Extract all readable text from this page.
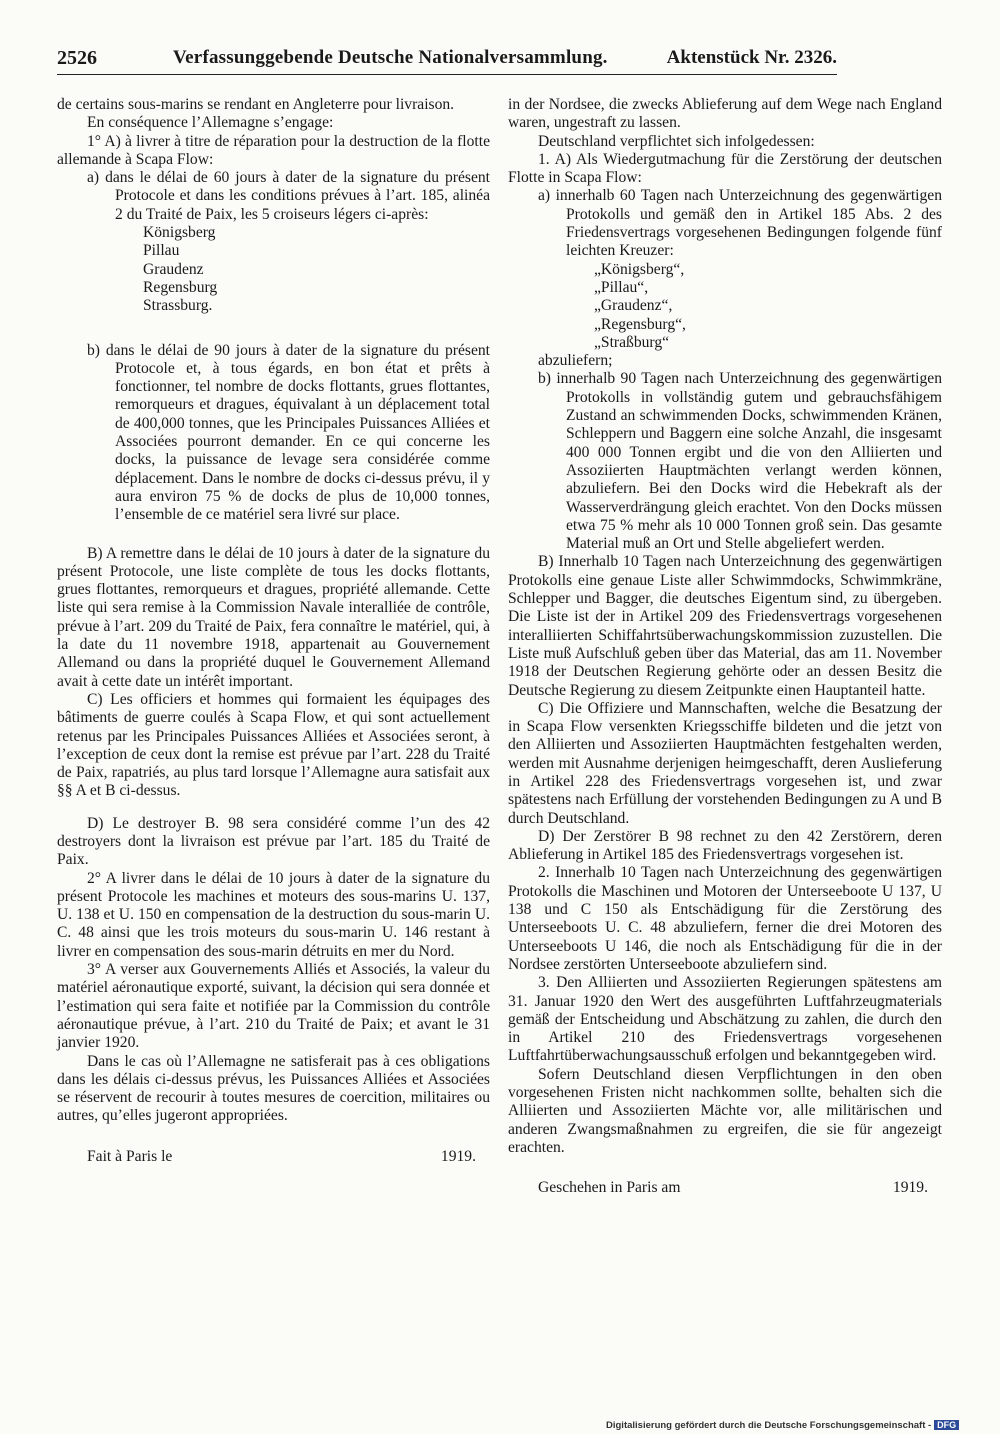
2526	Verfassunggebende Deutsche Nationalversammlung.	Aktenstück Nr. 2326.

de certains sous-marins se rendant en Angleterre pour livraison.

En conséquence l’Allemagne s’engage:

1° A) à livrer à titre de réparation pour la destruction de la flotte allemande à Scapa Flow:

a) dans le délai de 60 jours à dater de la signature du présent Protocole et dans les conditions prévues à l’art. 185, alinéa 2 du Traité de Paix, les 5 croiseurs légers ci-après:

Königsberg
Pillau
Graudenz
Regensburg
Strassburg.

b) dans le délai de 90 jours à dater de la signature du présent Protocole et, à tous égards, en bon état et prêts à fonctionner, tel nombre de docks flottants, grues flottantes, remorqueurs et dragues, équivalant à un déplacement total de 400,000 tonnes, que les Principales Puissances Alliées et Associées pourront demander. En ce qui concerne les docks, la puissance de levage sera considérée comme déplacement. Dans le nombre de docks ci-dessus prévu, il y aura environ 75 % de docks de plus de 10,000 tonnes, l’ensemble de ce matériel sera livré sur place.

B) A remettre dans le délai de 10 jours à dater de la signature du présent Protocole, une liste complète de tous les docks flottants, grues flottantes, remorqueurs et dragues, propriété allemande. Cette liste qui sera remise à la Commission Navale interalliée de contrôle, prévue à l’art. 209 du Traité de Paix, fera connaître le matériel, qui, à la date du 11 novembre 1918, appartenait au Gouvernement Allemand ou dans la propriété duquel le Gouvernement Allemand avait à cette date un intérêt important.

C) Les officiers et hommes qui formaient les équipages des bâtiments de guerre coulés à Scapa Flow, et qui sont actuellement retenus par les Principales Puissances Alliées et Associées seront, à l’exception de ceux dont la remise est prévue par l’art. 228 du Traité de Paix, rapatriés, au plus tard lorsque l’Allemagne aura satisfait aux §§ A et B ci-dessus.

D) Le destroyer B. 98 sera considéré comme l’un des 42 destroyers dont la livraison est prévue par l’art. 185 du Traité de Paix.

2° A livrer dans le délai de 10 jours à dater de la signature du présent Protocole les machines et moteurs des sous-marins U. 137, U. 138 et U. 150 en compensation de la destruction du sous-marin U. C. 48 ainsi que les trois moteurs du sous-marin U. 146 restant à livrer en compensation des sous-marin détruits en mer du Nord.

3° A verser aux Gouvernements Alliés et Associés, la valeur du matériel aéronautique exporté, suivant, la décision qui sera donnée et l’estimation qui sera faite et notifiée par la Commission du contrôle aéronautique prévue, à l’art. 210 du Traité de Paix; et avant le 31 janvier 1920.

Dans le cas où l’Allemagne ne satisferait pas à ces obligations dans les délais ci-dessus prévus, les Puissances Alliées et Associées se réservent de recourir à toutes mesures de coercition, militaires ou autres, qu’elles jugeront appropriées.

Fait à Paris le	1919.

in der Nordsee, die zwecks Ablieferung auf dem Wege nach England waren, ungestraft zu lassen.

Deutschland verpflichtet sich infolgedessen:

1. A) Als Wiedergutmachung für die Zerstörung der deutschen Flotte in Scapa Flow:

a) innerhalb 60 Tagen nach Unterzeichnung des gegenwärtigen Protokolls und gemäß den in Artikel 185 Abs. 2 des Friedensvertrags vorgesehenen Bedingungen folgende fünf leichten Kreuzer:

„Königsberg“,
„Pillau“,
„Graudenz“,
„Regensburg“,
„Straßburg“

abzuliefern;

b) innerhalb 90 Tagen nach Unterzeichnung des gegenwärtigen Protokolls in vollständig gutem und gebrauchsfähigem Zustand an schwimmenden Docks, schwimmenden Kränen, Schleppern und Baggern eine solche Anzahl, die insgesamt 400 000 Tonnen ergibt und die von den Alliierten und Assoziierten Hauptmächten verlangt werden können, abzuliefern. Bei den Docks wird die Hebekraft als der Wasserverdrängung gleich erachtet. Von den Docks müssen etwa 75 % mehr als 10 000 Tonnen groß sein. Das gesamte Material muß an Ort und Stelle abgeliefert werden.

B) Innerhalb 10 Tagen nach Unterzeichnung des gegenwärtigen Protokolls eine genaue Liste aller Schwimmdocks, Schwimmkräne, Schlepper und Bagger, die deutsches Eigentum sind, zu übergeben. Die Liste ist der in Artikel 209 des Friedensvertrags vorgesehenen interalliierten Schiffahrtsüberwachungskommission zuzustellen. Die Liste muß Aufschluß geben über das Material, das am 11. November 1918 der Deutschen Regierung gehörte oder an dessen Besitz die Deutsche Regierung zu diesem Zeitpunkte einen Hauptanteil hatte.

C) Die Offiziere und Mannschaften, welche die Besatzung der in Scapa Flow versenkten Kriegsschiffe bildeten und die jetzt von den Alliierten und Assoziierten Hauptmächten festgehalten werden, werden mit Ausnahme derjenigen heimgeschafft, deren Auslieferung in Artikel 228 des Friedensvertrags vorgesehen ist, und zwar spätestens nach Erfüllung der vorstehenden Bedingungen zu A und B durch Deutschland.

D) Der Zerstörer B 98 rechnet zu den 42 Zerstörern, deren Ablieferung in Artikel 185 des Friedensvertrags vorgesehen ist.

2. Innerhalb 10 Tagen nach Unterzeichnung des gegenwärtigen Protokolls die Maschinen und Motoren der Unterseeboote U 137, U 138 und C 150 als Entschädigung für die Zerstörung des Unterseeboots U. C. 48 abzuliefern, ferner die drei Motoren des Unterseeboots U 146, die noch als Entschädigung für die in der Nordsee zerstörten Unterseeboote abzuliefern sind.

3. Den Alliierten und Assoziierten Regierungen spätestens am 31. Januar 1920 den Wert des ausgeführten Luftfahrzeugmaterials gemäß der Entscheidung und Abschätzung zu zahlen, die durch den in Artikel 210 des Friedensvertrags vorgesehenen Luftfahrtüberwachungsausschuß erfolgen und bekanntgegeben wird.

Sofern Deutschland diesen Verpflichtungen in den oben vorgesehenen Fristen nicht nachkommen sollte, behalten sich die Alliierten und Assoziierten Mächte vor, alle militärischen und anderen Zwangsmaßnahmen zu ergreifen, die sie für angezeigt erachten.

Geschehen in Paris am	1919.
Digitalisierung gefördert durch die Deutsche Forschungsgemeinschaft - DFG
